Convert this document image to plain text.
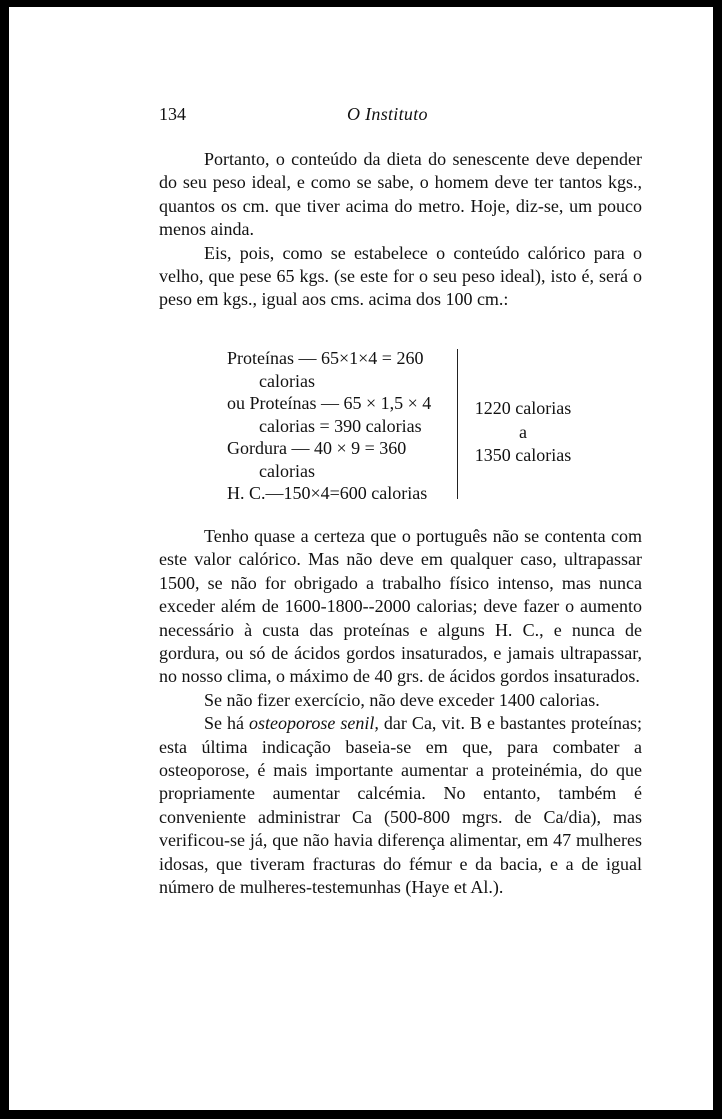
134	O Instituto

Portanto, o conteúdo da dieta do senescente deve depender do seu peso ideal, e como se sabe, o homem deve ter tantos kgs., quantos os cm. que tiver acima do metro. Hoje, diz-se, um pouco menos ainda.

Eis, pois, como se estabelece o conteúdo calórico para o velho, que pese 65 kgs. (se este for o seu peso ideal), isto é, será o peso em kgs., igual aos cms. acima dos 100 cm.:

Proteínas — 65×1×4 = 260 calorias
ou Proteínas — 65 × 1,5 × 4 calorias = 390 calorias
Gordura — 40 × 9 = 360 calorias
H. C.—150×4=600 calorias
1220 calorias
a
1350 calorias

Tenho quase a certeza que o português não se contenta com este valor calórico. Mas não deve em qualquer caso, ultrapassar 1500, se não for obrigado a trabalho físico intenso, mas nunca exceder além de 1600-1800--2000 calorias; deve fazer o aumento necessário à custa das proteínas e alguns H. C., e nunca de gordura, ou só de ácidos gordos insaturados, e jamais ultrapassar, no nosso clima, o máximo de 40 grs. de ácidos gordos insaturados.

Se não fizer exercício, não deve exceder 1400 calorias.

Se há osteoporose senil, dar Ca, vit. B e bastantes proteínas; esta última indicação baseia-se em que, para combater a osteoporose, é mais importante aumentar a proteinémia, do que propriamente aumentar calcémia. No entanto, também é conveniente administrar Ca (500-800 mgrs. de Ca/dia), mas verificou-se já, que não havia diferença alimentar, em 47 mulheres idosas, que tiveram fracturas do fémur e da bacia, e a de igual número de mulheres-testemunhas (Haye et Al.).
